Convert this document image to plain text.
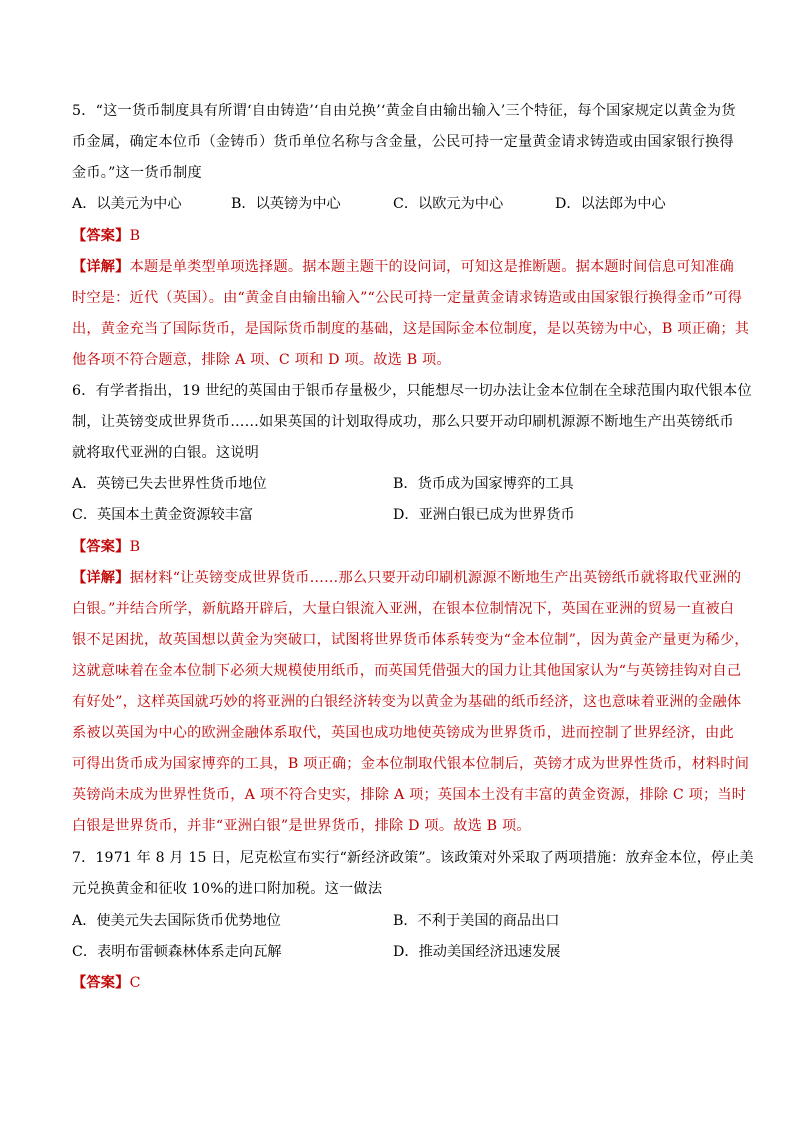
5．“这一货币制度具有所谓‘自由铸造’‘自由兑换’‘黄金自由输出输入’三个特征，每个国家规定以黄金为货
币金属，确定本位币（金铸币）货币单位名称与含金量，公民可持一定量黄金请求铸造或由国家银行换得
金币。”这一货币制度
A．以美元为中心	B．以英镑为中心	C．以欧元为中心	D．以法郎为中心
【答案】B
【详解】本题是单类型单项选择题。据本题主题干的设问词，可知这是推断题。据本题时间信息可知准确
时空是：近代（英国）。由“黄金自由输出输入”“公民可持一定量黄金请求铸造或由国家银行换得金币”可得
出，黄金充当了国际货币，是国际货币制度的基础，这是国际金本位制度，是以英镑为中心，B 项正确；其
他各项不符合题意，排除 A 项、C 项和 D 项。故选 B 项。
6．有学者指出，19 世纪的英国由于银币存量极少，只能想尽一切办法让金本位制在全球范围内取代银本位
制，让英镑变成世界货币……如果英国的计划取得成功，那么只要开动印刷机源源不断地生产出英镑纸币
就将取代亚洲的白银。这说明
A．英镑已失去世界性货币地位	B．货币成为国家博弈的工具
C．英国本土黄金资源较丰富	D．亚洲白银已成为世界货币
【答案】B
【详解】据材料“让英镑变成世界货币……那么只要开动印刷机源源不断地生产出英镑纸币就将取代亚洲的
白银。”并结合所学，新航路开辟后，大量白银流入亚洲，在银本位制情况下，英国在亚洲的贸易一直被白
银不足困扰，故英国想以黄金为突破口，试图将世界货币体系转变为“金本位制”，因为黄金产量更为稀少，
这就意味着在金本位制下必须大规模使用纸币，而英国凭借强大的国力让其他国家认为“与英镑挂钩对自己
有好处”，这样英国就巧妙的将亚洲的白银经济转变为以黄金为基础的纸币经济，这也意味着亚洲的金融体
系被以英国为中心的欧洲金融体系取代，英国也成功地使英镑成为世界货币，进而控制了世界经济，由此
可得出货币成为国家博弈的工具，B 项正确；金本位制取代银本位制后，英镑才成为世界性货币，材料时间
英镑尚未成为世界性货币，A 项不符合史实，排除 A 项；英国本土没有丰富的黄金资源，排除 C 项；当时
白银是世界货币，并非“亚洲白银”是世界货币，排除 D 项。故选 B 项。
7．1971 年 8 月 15 日，尼克松宣布实行“新经济政策”。该政策对外采取了两项措施：放弃金本位，停止美
元兑换黄金和征收 10%的进口附加税。这一做法
A．使美元失去国际货币优势地位	B．不利于美国的商品出口
C．表明布雷顿森林体系走向瓦解	D．推动美国经济迅速发展
【答案】C
